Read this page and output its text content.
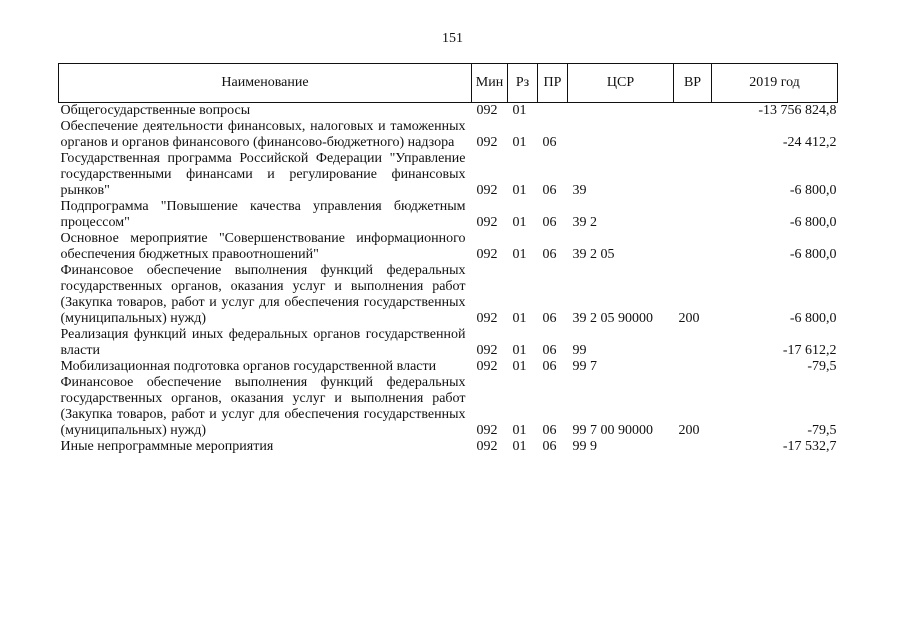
151
Наименование	Мин	Рз	ПР	ЦСР	ВР	2019 год
Общегосударственные вопросы	092	01				-13 756 824,8
Обеспечение деятельности финансовых, налоговых и таможенных органов и органов финансового (финансово-бюджетного) надзора	092	01	06			-24 412,2
Государственная программа Российской Федерации "Управление государственными финансами и регулирование финансовых рынков"	092	01	06	39		-6 800,0
Подпрограмма "Повышение качества управления бюджетным процессом"	092	01	06	39 2		-6 800,0
Основное мероприятие "Совершенствование информационного обеспечения бюджетных правоотношений"	092	01	06	39 2 05		-6 800,0
Финансовое обеспечение выполнения функций федеральных государственных органов, оказания услуг и выполнения работ (Закупка товаров, работ и услуг для обеспечения государственных (муниципальных) нужд)	092	01	06	39 2 05 90000	200	-6 800,0
Реализация функций иных федеральных органов государственной власти	092	01	06	99		-17 612,2
Мобилизационная подготовка органов государственной власти	092	01	06	99 7		-79,5
Финансовое обеспечение выполнения функций федеральных государственных органов, оказания услуг и выполнения работ (Закупка товаров, работ и услуг для обеспечения государственных (муниципальных) нужд)	092	01	06	99 7 00 90000	200	-79,5
Иные непрограммные мероприятия	092	01	06	99 9		-17 532,7
